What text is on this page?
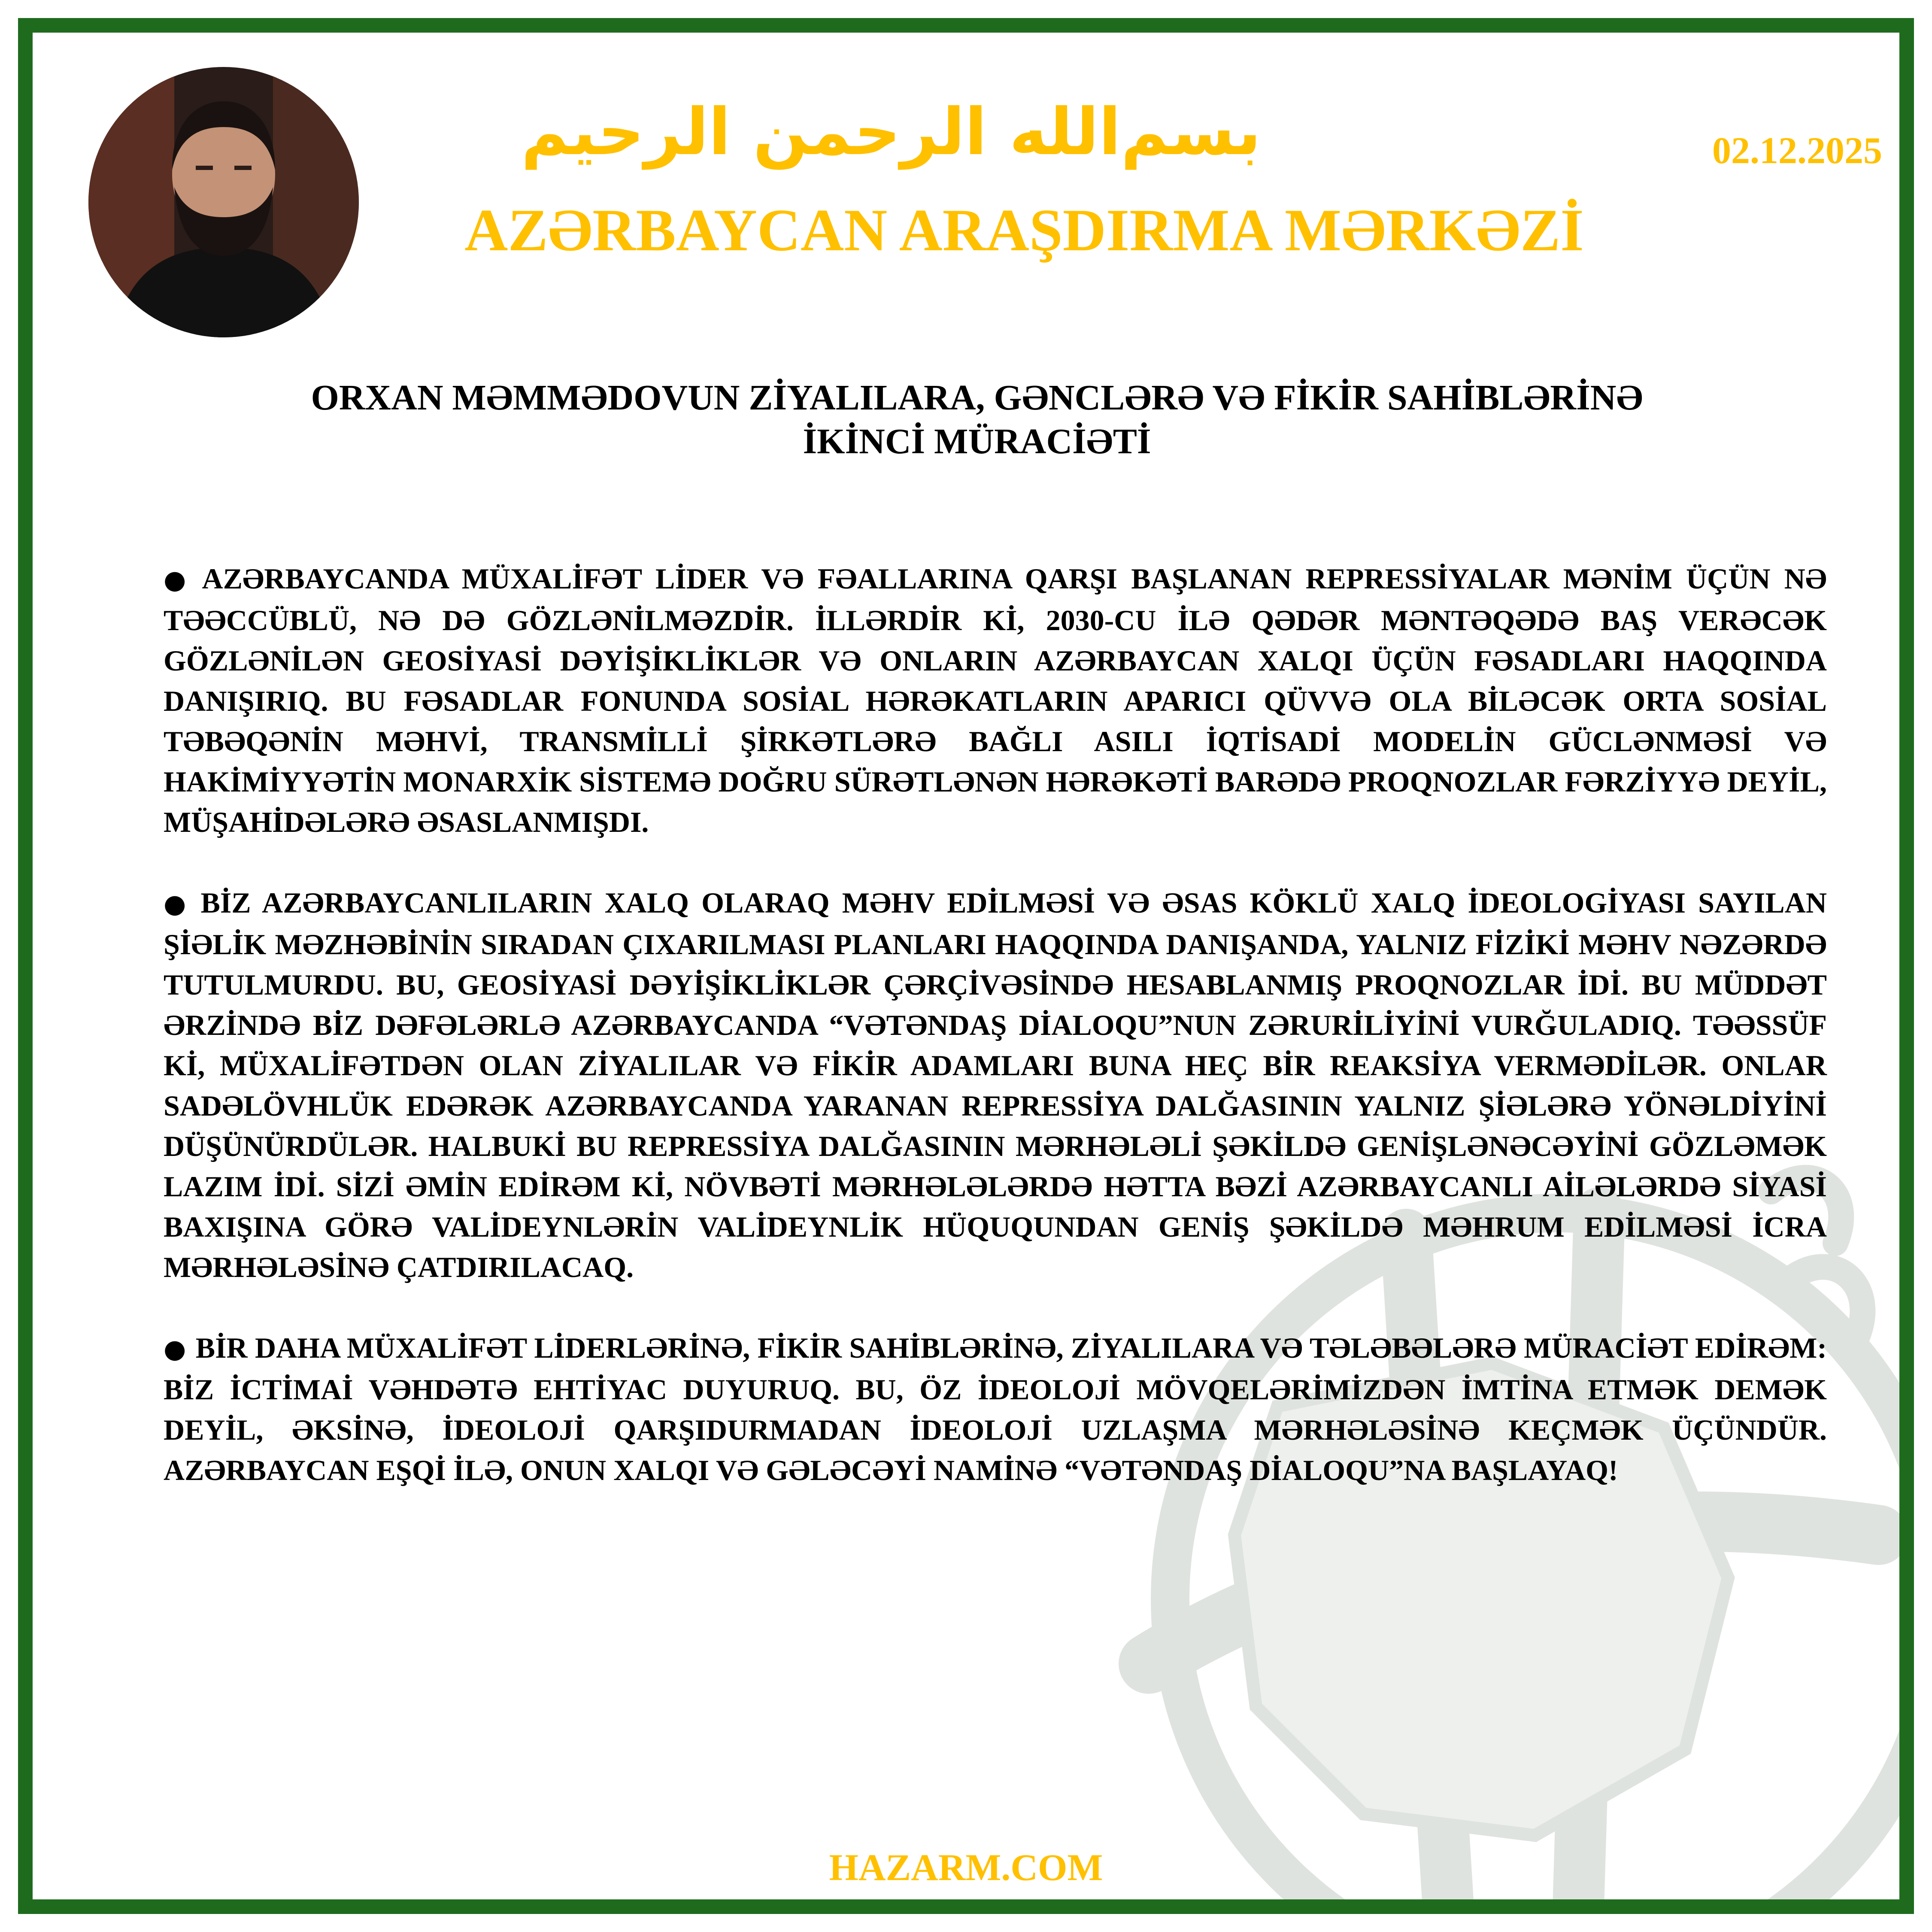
بسم‌الله الرحمن الرحيم
AZƏRBAYCAN ARAŞDIRMA MƏRKƏZİ
02.12.2025
ORXAN MƏMMƏDOVUN ZİYALILARA, GƏNCLƏRƏ VƏ FİKİR SAHİBLƏRİNƏ
İKİNCİ MÜRACİƏTİ

● AZƏRBAYCANDA MÜXALİFƏT LİDER VƏ FƏALLARINA QARŞI BAŞLANAN REPRESSİYALAR MƏNİM ÜÇÜN NƏ TƏƏCCÜBLÜ, NƏ DƏ GÖZLƏNİLMƏZDİR. İLLƏRDİR Kİ, 2030-CU İLƏ QƏDƏR MƏNTƏQƏDƏ BAŞ VERƏCƏK GÖZLƏNİLƏN GEOSİYASİ DƏYİŞİKLİKLƏR VƏ ONLARIN AZƏRBAYCAN XALQI ÜÇÜN FƏSADLARI HAQQINDA DANIŞIRIQ. BU FƏSADLAR FONUNDA SOSİAL HƏRƏKATLARIN APARICI QÜVVƏ OLA BİLƏCƏK ORTA SOSİAL TƏBƏQƏNİN MƏHVİ, TRANSMİLLİ ŞİRKƏTLƏRƏ BAĞLI ASILI İQTİSADİ MODELİN GÜCLƏNMƏSİ VƏ HAKİMİYYƏTİN MONARXİK SİSTEMƏ DOĞRU SÜRƏTLƏNƏN HƏRƏKƏTİ BARƏDƏ PROQNOZLAR FƏRZİYYƏ DEYİL, MÜŞAHİDƏLƏRƏ ƏSASLANMIŞDI.

● BİZ AZƏRBAYCANLILARIN XALQ OLARAQ MƏHV EDİLMƏSİ VƏ ƏSAS KÖKLÜ XALQ İDEOLOGİYASI SAYILAN ŞİƏLİK MƏZHƏBİNİN SIRADAN ÇIXARILMASI PLANLARI HAQQINDA DANIŞANDA, YALNIZ FİZİKİ MƏHV NƏZƏRDƏ TUTULMURDU. BU, GEOSİYASİ DƏYİŞİKLİKLƏR ÇƏRÇİVƏSİNDƏ HESABLANMIŞ PROQNOZLAR İDİ. BU MÜDDƏT ƏRZİNDƏ BİZ DƏFƏLƏRLƏ AZƏRBAYCANDA “VƏTƏNDAŞ DİALOQU”NUN ZƏRURİLİYİNİ VURĞULADIQ. TƏƏSSÜF Kİ, MÜXALİFƏTDƏN OLAN ZİYALILAR VƏ FİKİR ADAMLARI BUNA HEÇ BİR REAKSİYA VERMƏDİLƏR. ONLAR SADƏLÖVHLÜK EDƏRƏK AZƏRBAYCANDA YARANAN REPRESSİYA DALĞASININ YALNIZ ŞİƏLƏRƏ YÖNƏLDİYİNİ DÜŞÜNÜRDÜLƏR. HALBUKİ BU REPRESSİYA DALĞASININ MƏRHƏLƏLİ ŞƏKİLDƏ GENİŞLƏNƏCƏYİNİ GÖZLƏMƏK LAZIM İDİ. SİZİ ƏMİN EDİRƏM Kİ, NÖVBƏTİ MƏRHƏLƏLƏRDƏ HƏTTA BƏZİ AZƏRBAYCANLI AİLƏLƏRDƏ SİYASİ BAXIŞINA GÖRƏ VALİDEYNLƏRİN VALİDEYNLİK HÜQUQUNDAN GENİŞ ŞƏKİLDƏ MƏHRUM EDİLMƏSİ İCRA MƏRHƏLƏSİNƏ ÇATDIRILACAQ.

● BİR DAHA MÜXALİFƏT LİDERLƏRİNƏ, FİKİR SAHİBLƏRİNƏ, ZİYALILARA VƏ TƏLƏBƏLƏRƏ MÜRACİƏT EDİRƏM: BİZ İCTİMAİ VƏHDƏTƏ EHTİYAC DUYURUQ. BU, ÖZ İDEOLOJİ MÖVQELƏRİMİZDƏN İMTİNA ETMƏK DEMƏK DEYİL, ƏKSİNƏ, İDEOLOJİ QARŞIDURMADAN İDEOLOJİ UZLAŞMA MƏRHƏLƏSİNƏ KEÇMƏK ÜÇÜNDÜR. AZƏRBAYCAN EŞQİ İLƏ, ONUN XALQI VƏ GƏLƏCƏYİ NAMİNƏ “VƏTƏNDAŞ DİALOQU”NA BAŞLAYAQ!

HAZARM.COM
